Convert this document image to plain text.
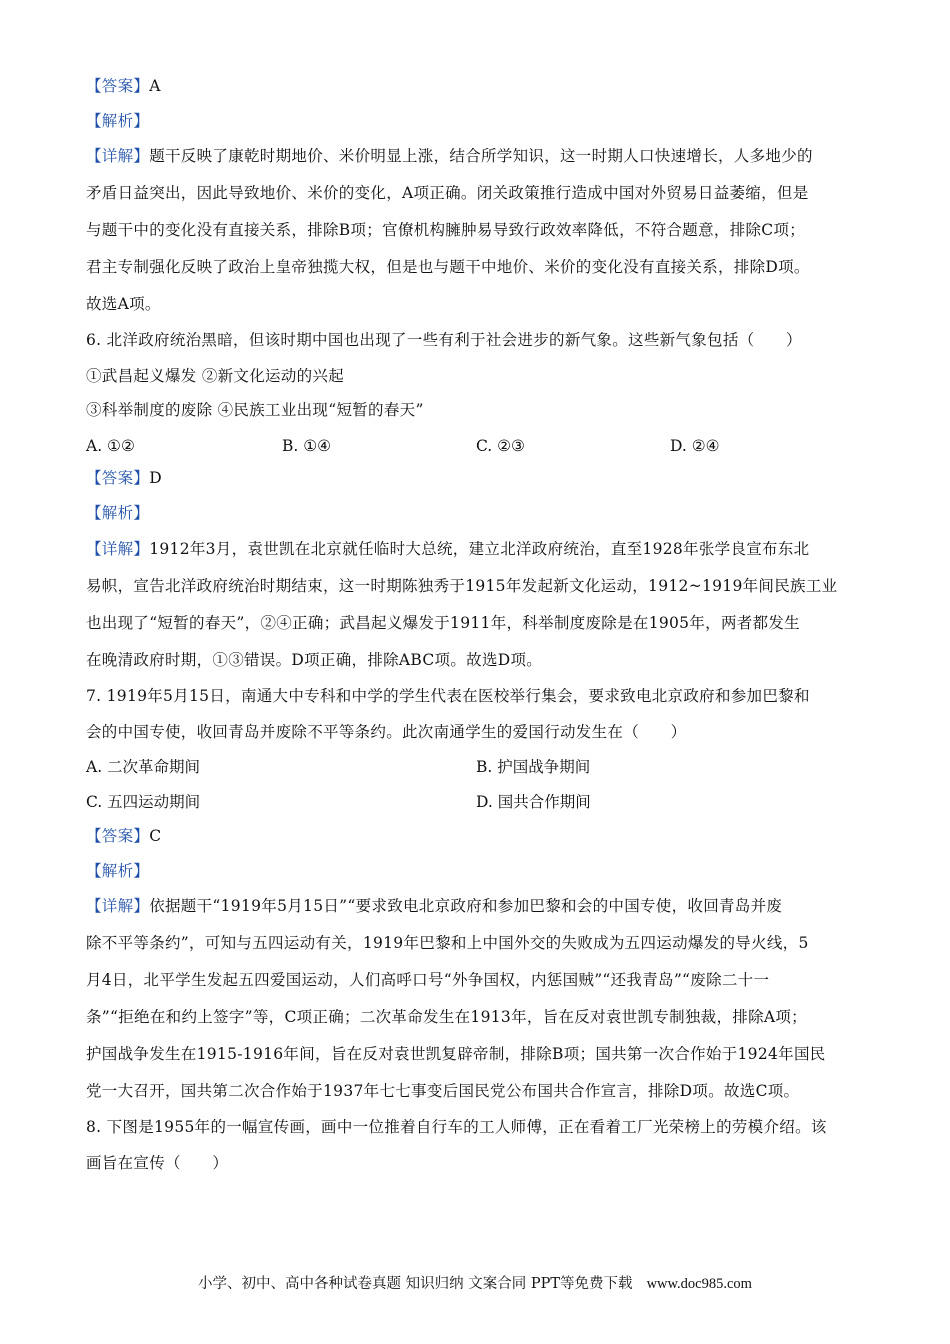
【答案】A
【解析】
【详解】题干反映了康乾时期地价、米价明显上涨，结合所学知识，这一时期人口快速增长，人多地少的
矛盾日益突出，因此导致地价、米价的变化，A项正确。闭关政策推行造成中国对外贸易日益萎缩，但是
与题干中的变化没有直接关系，排除B项；官僚机构臃肿易导致行政效率降低，不符合题意，排除C项；
君主专制强化反映了政治上皇帝独揽大权，但是也与题干中地价、米价的变化没有直接关系，排除D项。
故选A项。
6. 北洋政府统治黑暗，但该时期中国也出现了一些有利于社会进步的新气象。这些新气象包括（　　）
①武昌起义爆发 ②新文化运动的兴起
③科举制度的废除 ④民族工业出现“短暂的春天”
A. ①②	B. ①④	C. ②③	D. ②④
【答案】D
【解析】
【详解】1912年3月，袁世凯在北京就任临时大总统，建立北洋政府统治，直至1928年张学良宣布东北
易帜，宣告北洋政府统治时期结束，这一时期陈独秀于1915年发起新文化运动，1912~1919年间民族工业
也出现了“短暂的春天”，②④正确；武昌起义爆发于1911年，科举制度废除是在1905年，两者都发生
在晚清政府时期，①③错误。D项正确，排除ABC项。故选D项。
7. 1919年5月15日，南通大中专科和中学的学生代表在医校举行集会，要求致电北京政府和参加巴黎和
会的中国专使，收回青岛并废除不平等条约。此次南通学生的爱国行动发生在（　　）
A. 二次革命期间	B. 护国战争期间
C. 五四运动期间	D. 国共合作期间
【答案】C
【解析】
【详解】依据题干“1919年5月15日”“要求致电北京政府和参加巴黎和会的中国专使，收回青岛并废
除不平等条约”，可知与五四运动有关，1919年巴黎和上中国外交的失败成为五四运动爆发的导火线，5
月4日，北平学生发起五四爱国运动，人们高呼口号“外争国权，内惩国贼”“还我青岛”“废除二十一
条”“拒绝在和约上签字”等，C项正确；二次革命发生在1913年，旨在反对袁世凯专制独裁，排除A项；
护国战争发生在1915-1916年间，旨在反对袁世凯复辟帝制，排除B项；国共第一次合作始于1924年国民
党一大召开，国共第二次合作始于1937年七七事变后国民党公布国共合作宣言，排除D项。故选C项。
8. 下图是1955年的一幅宣传画，画中一位推着自行车的工人师傅，正在看着工厂光荣榜上的劳模介绍。该
画旨在宣传（　　）
小学、初中、高中各种试卷真题 知识归纳 文案合同 PPT等免费下载 www.doc985.com
